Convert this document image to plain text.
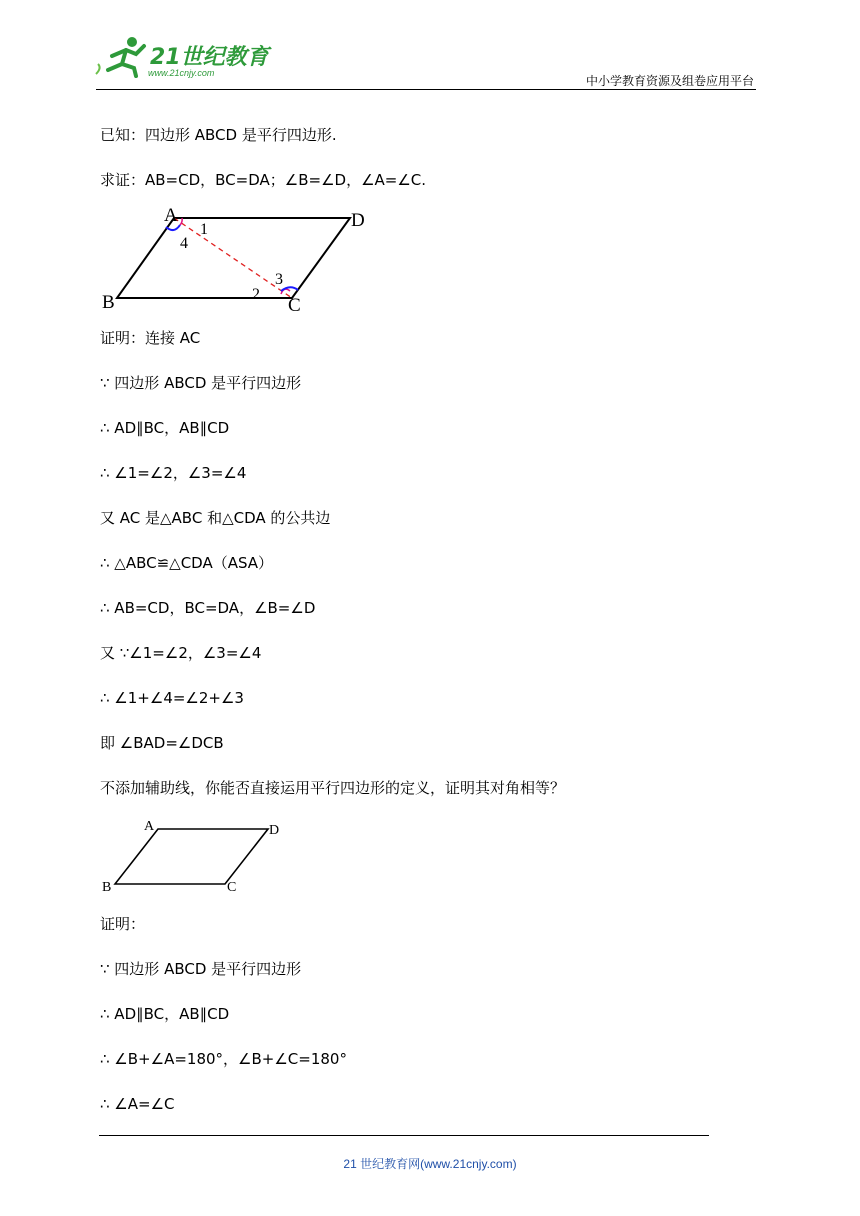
21世纪教育
www.21cnjy.com
中小学教育资源及组卷应用平台
已知：四边形 ABCD 是平行四边形.
求证：AB=CD，BC=DA；∠B=∠D，∠A=∠C.
A
B	C
D
1
2
3
4
证明：连接 AC
∵ 四边形 ABCD 是平行四边形
∴ AD∥BC，AB∥CD
∴ ∠1=∠2，∠3=∠4
又 AC 是△ABC 和△CDA 的公共边
∴ △ABC≌△CDA（ASA）
∴ AB=CD，BC=DA，∠B=∠D
又 ∵∠1=∠2，∠3=∠4
∴ ∠1+∠4=∠2+∠3
即 ∠BAD=∠DCB
不添加辅助线，你能否直接运用平行四边形的定义，证明其对角相等？
A
B	C
D
证明：
∵ 四边形 ABCD 是平行四边形
∴ AD∥BC，AB∥CD
∴ ∠B+∠A=180°，∠B+∠C=180°
∴ ∠A=∠C
21 世纪教育网(www.21cnjy.com)
